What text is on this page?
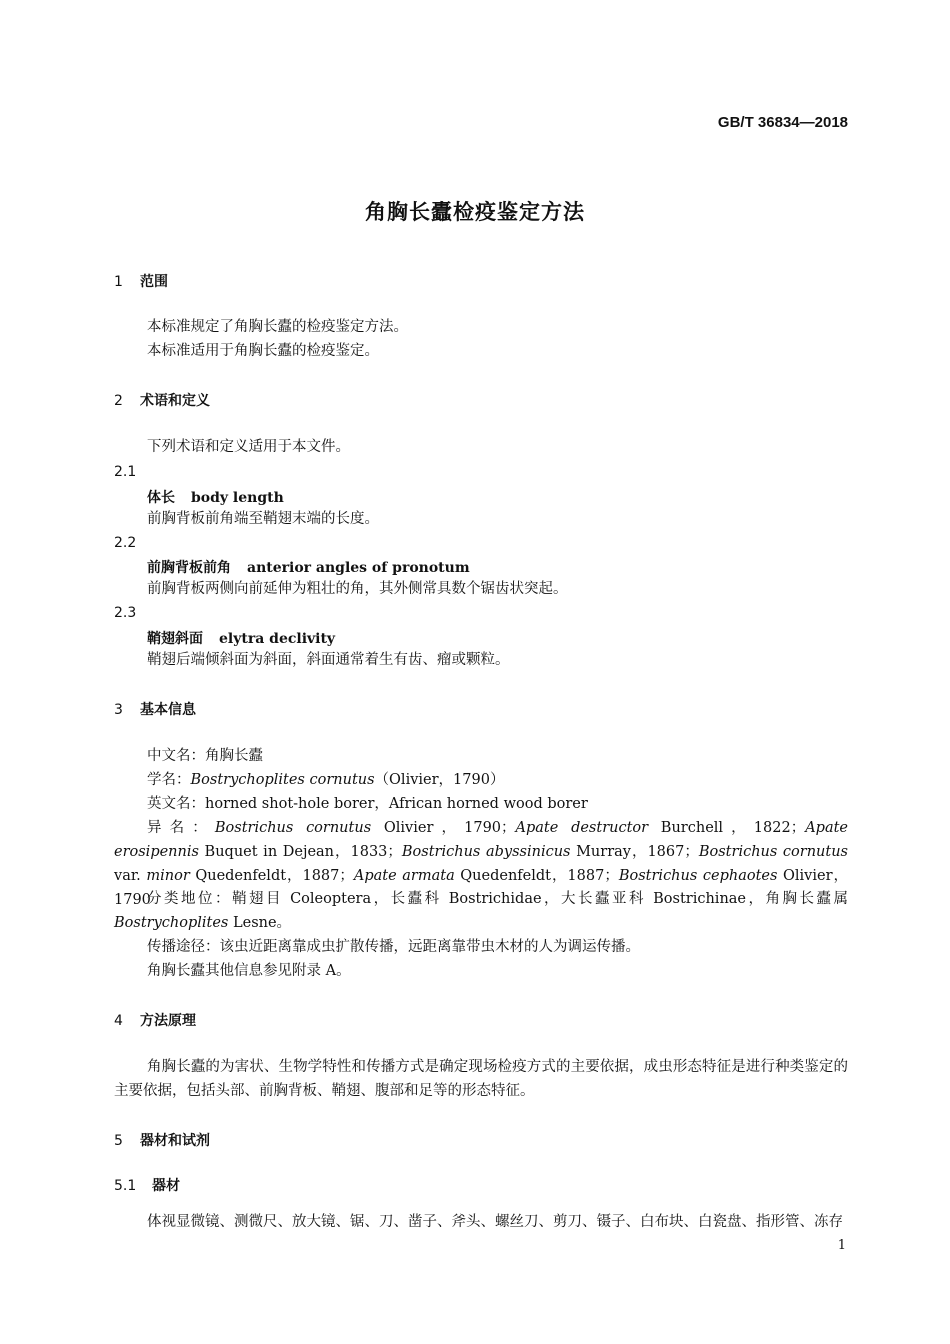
GB/T 36834—2018
角胸长蠹检疫鉴定方法
1 范围
本标准规定了角胸长蠹的检疫鉴定方法。
本标准适用于角胸长蠹的检疫鉴定。
2 术语和定义
下列术语和定义适用于本文件。
2.1
体长 body length
前胸背板前角端至鞘翅末端的长度。
2.2
前胸背板前角 anterior angles of pronotum
前胸背板两侧向前延伸为粗壮的角，其外侧常具数个锯齿状突起。
2.3
鞘翅斜面 elytra declivity
鞘翅后端倾斜面为斜面，斜面通常着生有齿、瘤或颗粒。
3 基本信息
中文名：角胸长蠹
学名：Bostrychoplites cornutus（Olivier，1790）
英文名：horned shot-hole borer，African horned wood borer
异名：Bostrichus cornutus Olivier，1790；Apate destructor Burchell，1822；Apate erosipennis Buquet in Dejean，1833；Bostrichus abyssinicus Murray，1867；Bostrichus cornutus var. minor Quedenfeldt，1887；Apate armata Quedenfeldt，1887；Bostrichus cephaotes Olivier，1790
分类地位：鞘翅目 Coleoptera，长蠹科 Bostrichidae，大长蠹亚科 Bostrichinae，角胸长蠹属 Bostrychoplites Lesne。
传播途径：该虫近距离靠成虫扩散传播，远距离靠带虫木材的人为调运传播。
角胸长蠹其他信息参见附录 A。
4 方法原理
角胸长蠹的为害状、生物学特性和传播方式是确定现场检疫方式的主要依据，成虫形态特征是进行种类鉴定的主要依据，包括头部、前胸背板、鞘翅、腹部和足等的形态特征。
5 器材和试剂
5.1 器材
体视显微镜、测微尺、放大镜、锯、刀、凿子、斧头、螺丝刀、剪刀、镊子、白布块、白瓷盘、指形管、冻存
1
